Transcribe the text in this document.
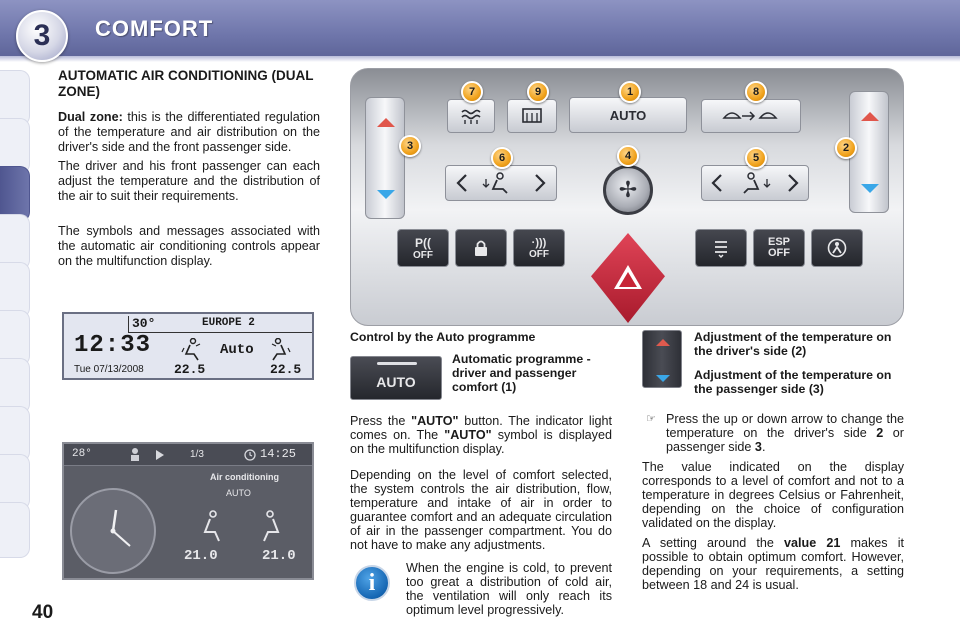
3	COMFORT
40
AUTOMATIC AIR CONDITIONING (DUAL ZONE)

Dual zone: this is the differentiated regulation of the temperature and air distribution on the driver's side and the front passenger side.

The driver and his front passenger can each adjust the temperature and the distribution of the air to suit their requirements.

The symbols and messages associated with the automatic air conditioning controls appear on the multifunction display.

30°	EUROPE 2
12:33
Tue 07/13/2008
Auto
22.5	22.5
28°	1/3	14:25
Air conditioning
AUTO
21.0	21.0
AUTO
✢
P((
OFF
·)))
OFF
ESP OFF
7	9	1	8
3
6	4	5
2
Control by the Auto programme
AUTO
Automatic programme - driver and passenger comfort (1)

Press the "AUTO" button. The indicator light comes on. The "AUTO" symbol is displayed on the multifunction display.

Depending on the level of comfort selected, the system controls the air distribution, flow, temperature and intake of air in order to guarantee comfort and an adequate circulation of air in the passenger compartment. You do not have to make any adjustments.

i
When the engine is cold, to prevent too great a distribution of cold air, the ventilation will only reach its optimum level progressively.
Adjustment of the temperature on the driver's side (2)
Adjustment of the temperature on the passenger side (3)
☞ Press the up or down arrow to change the temperature on the driver's side 2 or passenger side 3.

The value indicated on the display corresponds to a level of comfort and not to a temperature in degrees Celsius or Fahrenheit, depending on the choice of configuration validated on the display.

A setting around the value 21 makes it possible to obtain optimum comfort. However, depending on your requirements, a setting between 18 and 24 is usual.
